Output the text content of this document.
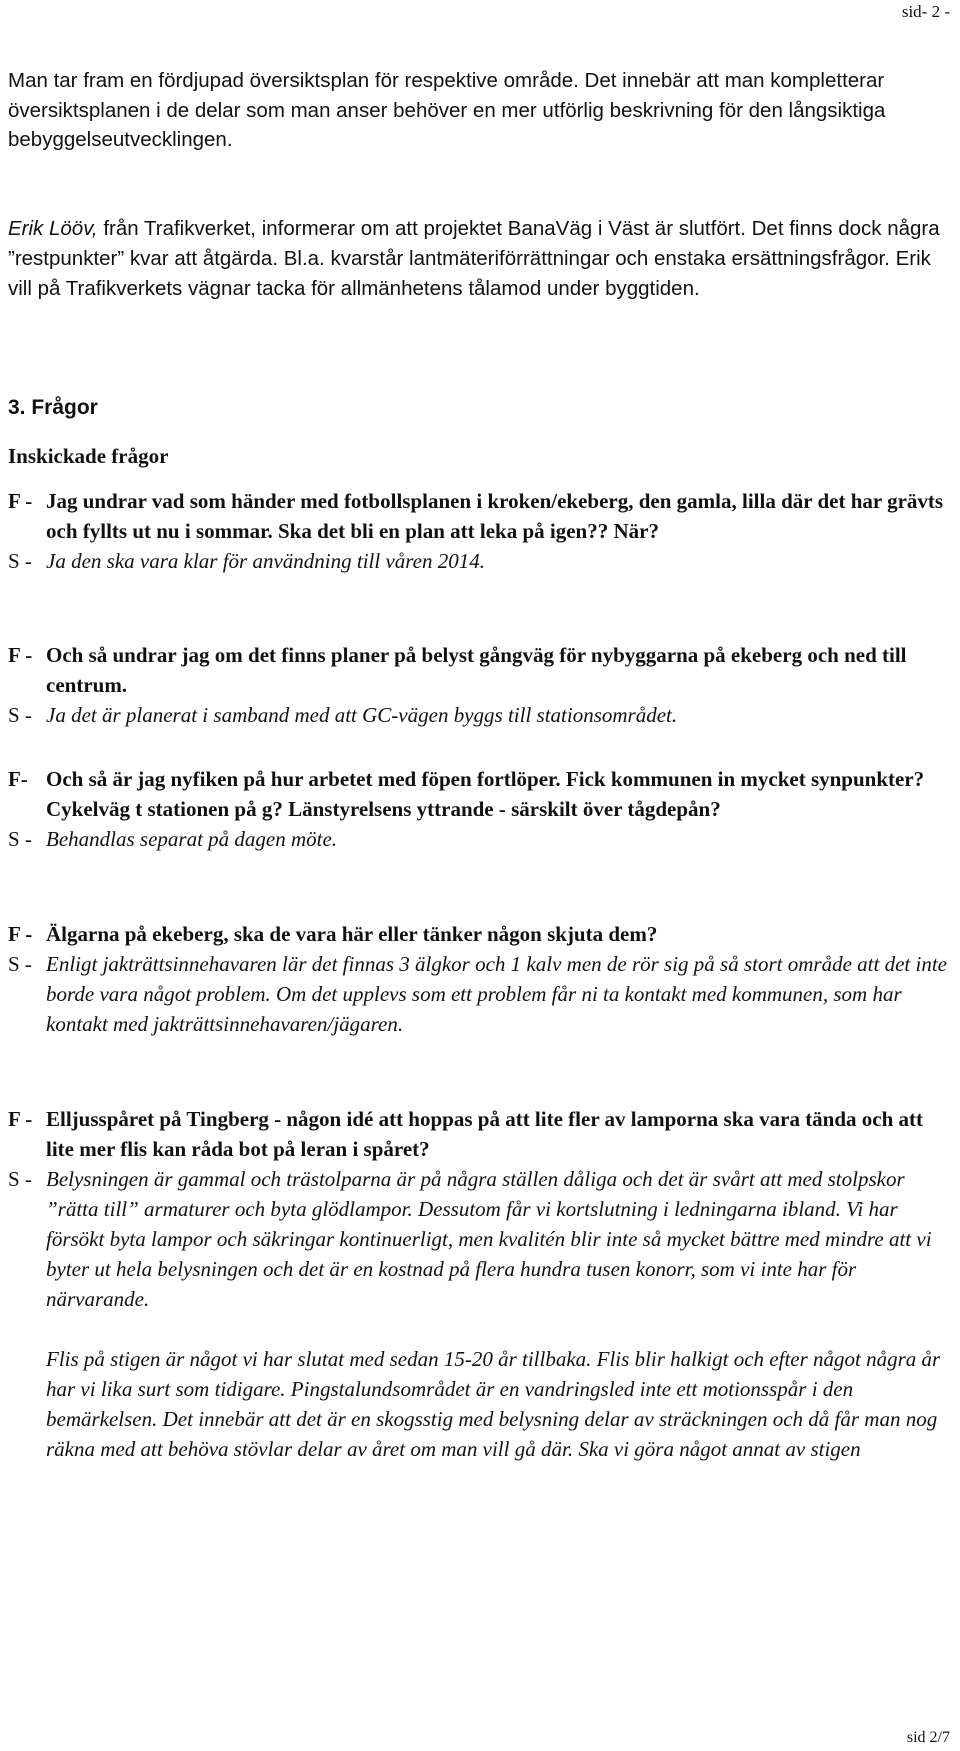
sid- 2 -

Man tar fram en fördjupad översiktsplan för respektive område. Det innebär att man kompletterar översiktsplanen i de delar som man anser behöver en mer utförlig beskrivning för den långsiktiga bebyggelseutvecklingen.

Erik Lööv, från Trafikverket, informerar om att projektet BanaVäg i Väst är slutfört. Det finns dock några ”restpunkter” kvar att åtgärda. Bl.a. kvarstår lantmäteriförrättningar och enstaka ersättningsfrågor. Erik vill på Trafikverkets vägnar tacka för allmänhetens tålamod under byggtiden.

3. Frågor
Inskickade frågor
F - Jag undrar vad som händer med fotbollsplanen i kroken/ekeberg, den gamla, lilla där det har grävts och fyllts ut nu i sommar. Ska det bli en plan att leka på igen?? När?
S - Ja den ska vara klar för användning till våren 2014.
F - Och så undrar jag om det finns planer på belyst gångväg för nybyggarna på ekeberg och ned till centrum.
S - Ja det är planerat i samband med att GC-vägen byggs till stationsområdet.
F- Och så är jag nyfiken på hur arbetet med föpen fortlöper. Fick kommunen in mycket synpunkter? Cykelväg t stationen på g? Länstyrelsens yttrande - särskilt över tågdepån?
S - Behandlas separat på dagen möte.
F - Älgarna på ekeberg, ska de vara här eller tänker någon skjuta dem?
S - Enligt jakträttsinnehavaren lär det finnas 3 älgkor och 1 kalv men de rör sig på så stort område att det inte borde vara något problem. Om det upplevs som ett problem får ni ta kontakt med kommunen, som har kontakt med jakträttsinnehavaren/jägaren.
F - Elljusspåret på Tingberg - någon idé att hoppas på att lite fler av lamporna ska vara tända och att lite mer flis kan råda bot på leran i spåret?
S - Belysningen är gammal och trästolparna är på några ställen dåliga och det är svårt att med stolpskor ”rätta till” armaturer och byta glödlampor. Dessutom får vi kortslutning i ledningarna ibland. Vi har försökt byta lampor och säkringar kontinuerligt, men kvalitén blir inte så mycket bättre med mindre att vi byter ut hela belysningen och det är en kostnad på flera hundra tusen konorr, som vi inte har för närvarande.
Flis på stigen är något vi har slutat med sedan 15-20 år tillbaka. Flis blir halkigt och efter något några år har vi lika surt som tidigare. Pingstalundsområdet är en vandringsled inte ett motionsspår i den bemärkelsen. Det innebär att det är en skogsstig med belysning delar av sträckningen och då får man nog räkna med att behöva stövlar delar av året om man vill gå där. Ska vi göra något annat av stigen
sid 2/7
